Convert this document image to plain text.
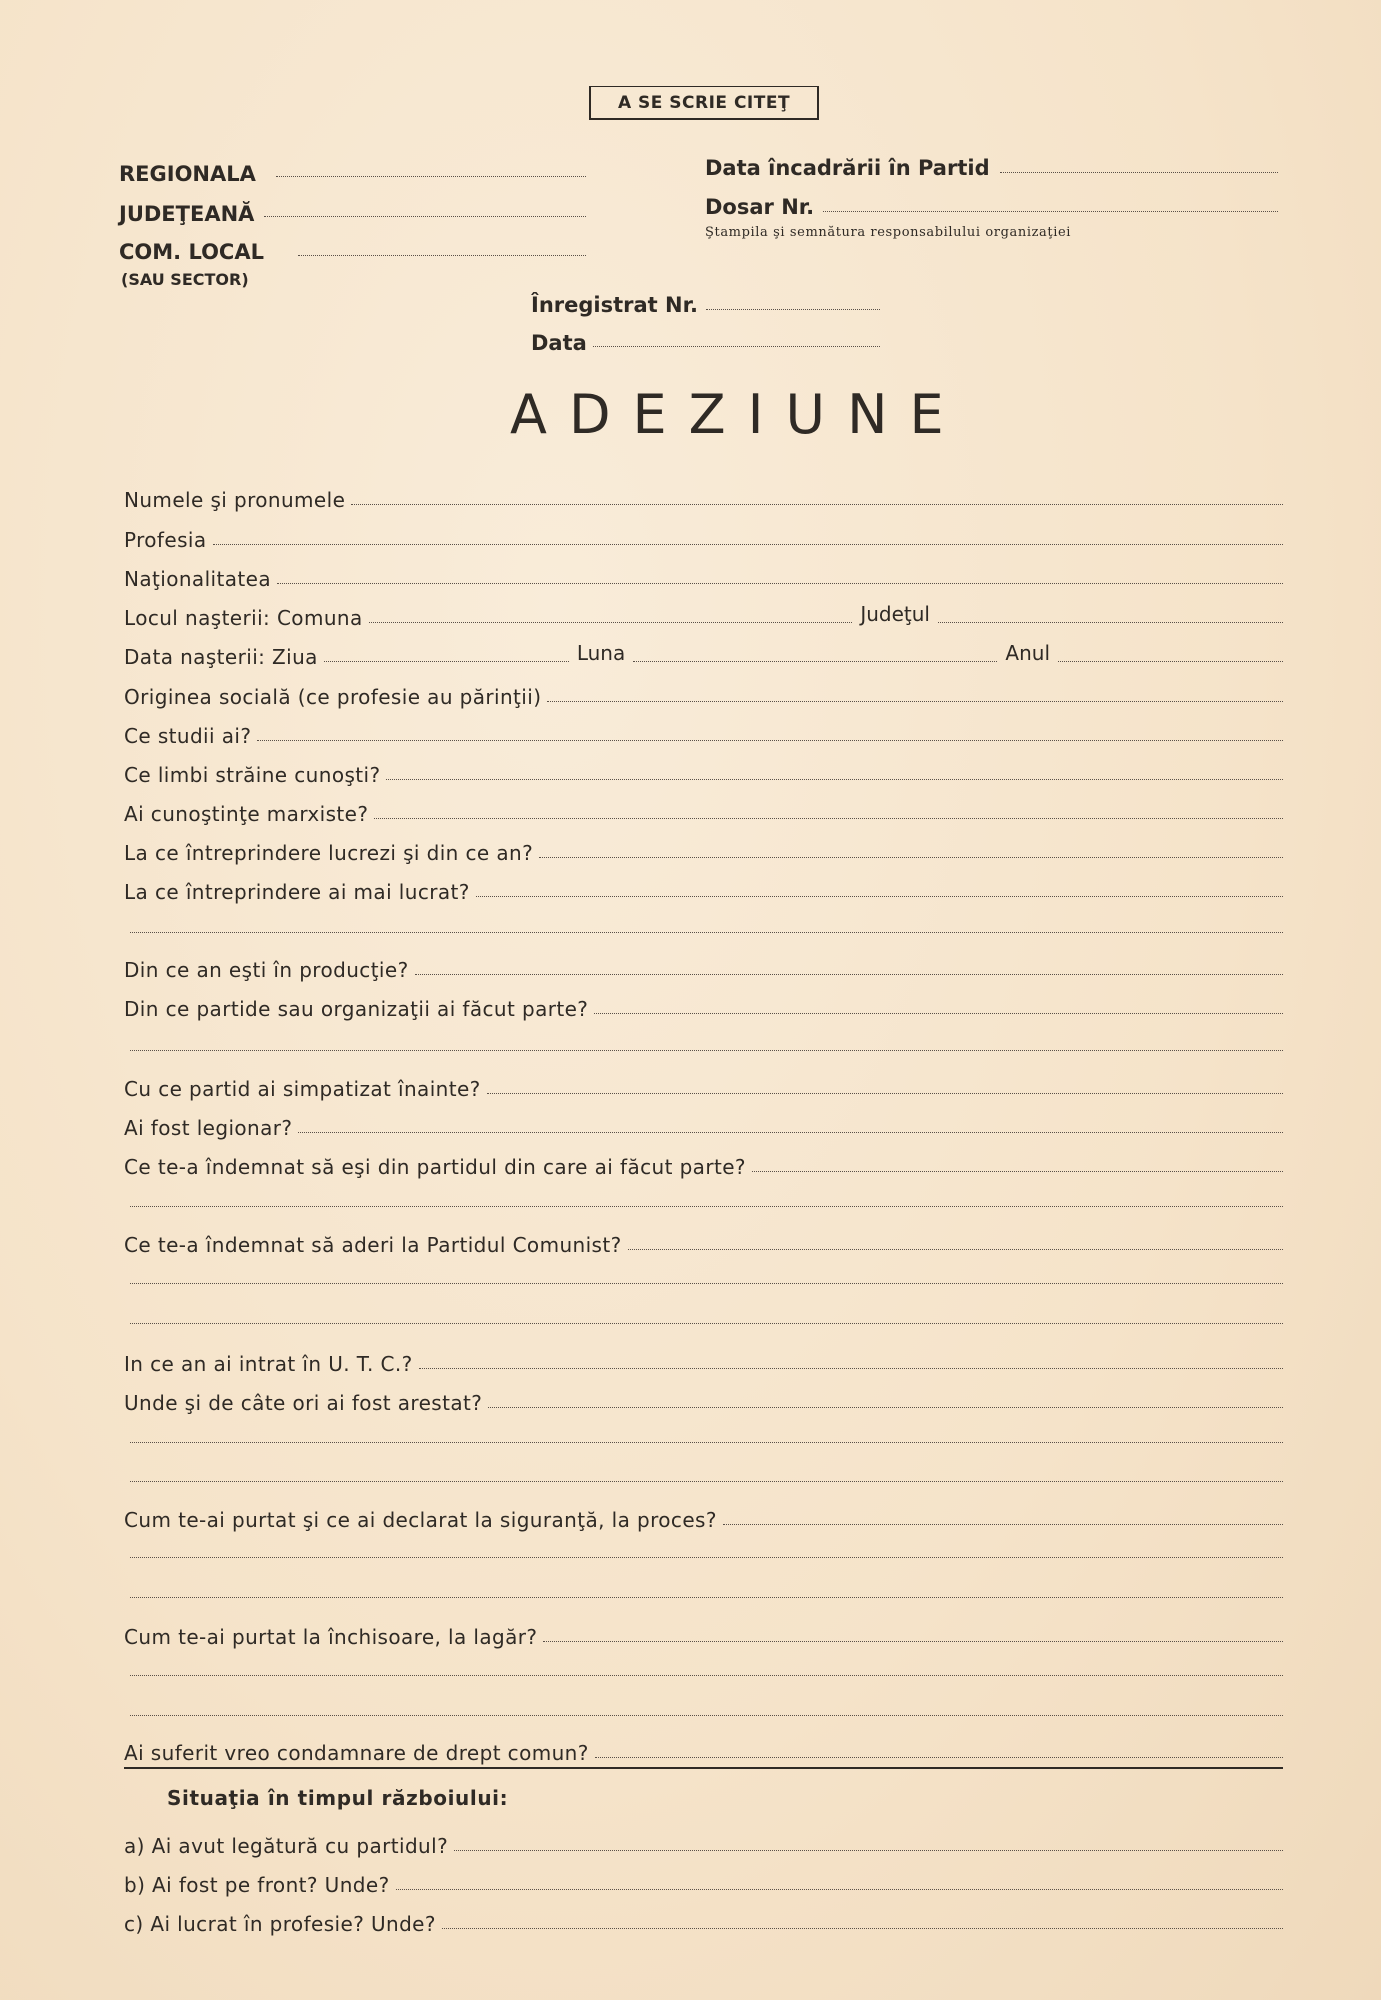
A SE SCRIE CITEŢ
REGIONALA
JUDEŢEANĂ
COM. LOCAL
(SAU SECTOR)
Data încadrării în Partid
Dosar Nr.
Ştampila şi semnătura responsabilului organizaţiei
Înregistrat Nr.
Data
ADEZIUNE
Numele şi pronumele
Profesia
Naţionalitatea
Locul naşterii: Comuna	Judeţul
Data naşterii: Ziua	Luna	Anul
Originea socială (ce profesie au părinţii)
Ce studii ai?
Ce limbi străine cunoşti?
Ai cunoştinţe marxiste?
La ce întreprindere lucrezi şi din ce an?
La ce întreprindere ai mai lucrat?
Din ce an eşti în producţie?
Din ce partide sau organizaţii ai făcut parte?
Cu ce partid ai simpatizat înainte?
Ai fost legionar?
Ce te-a îndemnat să eşi din partidul din care ai făcut parte?
Ce te-a îndemnat să aderi la Partidul Comunist?
In ce an ai intrat în U. T. C.?
Unde şi de câte ori ai fost arestat?
Cum te-ai purtat şi ce ai declarat la siguranţă, la proces?
Cum te-ai purtat la închisoare, la lagăr?
Ai suferit vreo condamnare de drept comun?
Situaţia în timpul războiului:
a) Ai avut legătură cu partidul?
b) Ai fost pe front? Unde?
c) Ai lucrat în profesie? Unde?
